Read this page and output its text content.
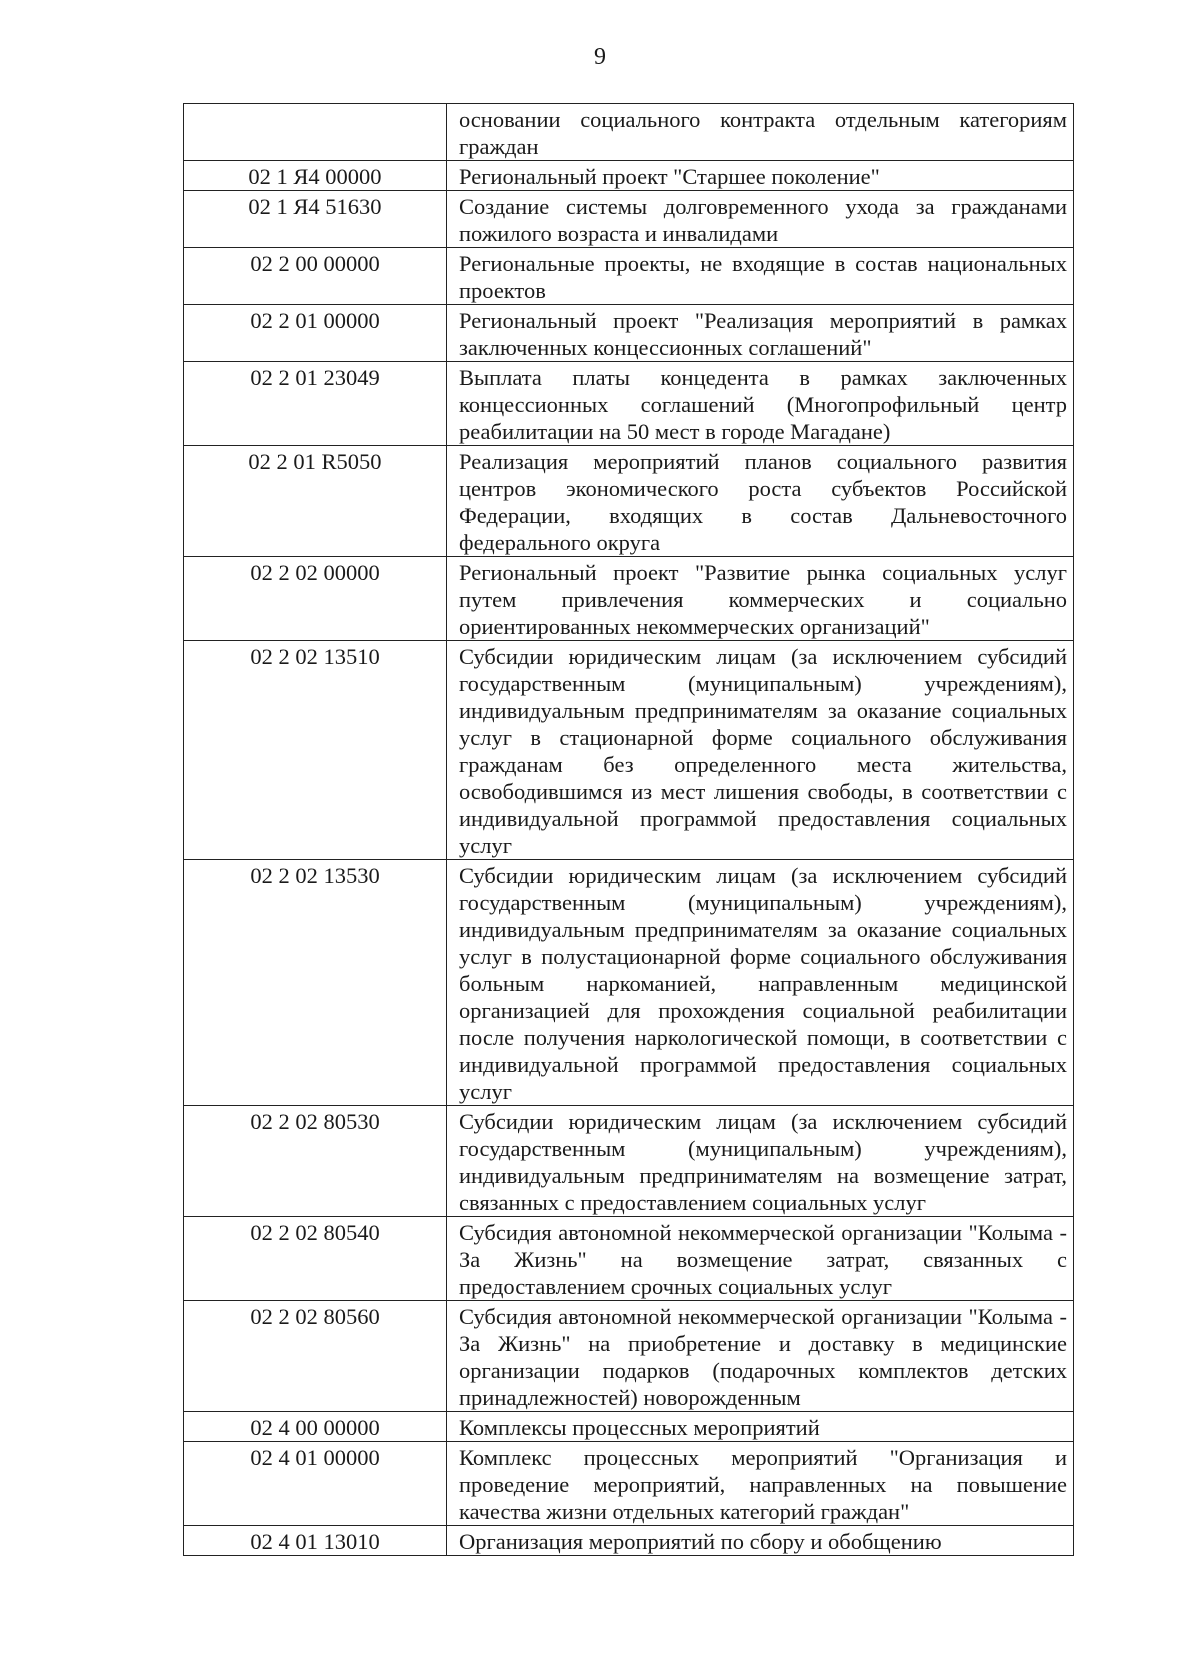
9
	основании социального контракта отдельным категориям граждан
02 1 Я4 00000	Региональный проект "Старшее поколение"
02 1 Я4 51630	Создание системы долговременного ухода за гражданами пожилого возраста и инвалидами
02 2 00 00000	Региональные проекты, не входящие в состав национальных проектов
02 2 01 00000	Региональный проект "Реализация мероприятий в рамках заключенных концессионных соглашений"
02 2 01 23049	Выплата платы концедента в рамках заключенных концессионных соглашений (Многопрофильный центр реабилитации на 50 мест в городе Магадане)
02 2 01 R5050	Реализация мероприятий планов социального развития центров экономического роста субъектов Российской Федерации, входящих в состав Дальневосточного федерального округа
02 2 02 00000	Региональный проект "Развитие рынка социальных услуг путем привлечения коммерческих и социально ориентированных некоммерческих организаций"
02 2 02 13510	Субсидии юридическим лицам (за исключением субсидий государственным (муниципальным) учреждениям), индивидуальным предпринимателям за оказание социальных услуг в стационарной форме социального обслуживания гражданам без определенного места жительства, освободившимся из мест лишения свободы, в соответствии с индивидуальной программой предоставления социальных услуг
02 2 02 13530	Субсидии юридическим лицам (за исключением субсидий государственным (муниципальным) учреждениям), индивидуальным предпринимателям за оказание социальных услуг в полустационарной форме социального обслуживания больным наркоманией, направленным медицинской организацией для прохождения социальной реабилитации после получения наркологической помощи, в соответствии с индивидуальной программой предоставления социальных услуг
02 2 02 80530	Субсидии юридическим лицам (за исключением субсидий государственным (муниципальным) учреждениям), индивидуальным предпринимателям на возмещение затрат, связанных с предоставлением социальных услуг
02 2 02 80540	Субсидия автономной некоммерческой организации "Колыма - За Жизнь" на возмещение затрат, связанных с предоставлением срочных социальных услуг
02 2 02 80560	Субсидия автономной некоммерческой организации "Колыма - За Жизнь" на приобретение и доставку в медицинские организации подарков (подарочных комплектов детских принадлежностей) новорожденным
02 4 00 00000	Комплексы процессных мероприятий
02 4 01 00000	Комплекс процессных мероприятий "Организация и проведение мероприятий, направленных на повышение качества жизни отдельных категорий граждан"
02 4 01 13010	Организация мероприятий по сбору и обобщению
